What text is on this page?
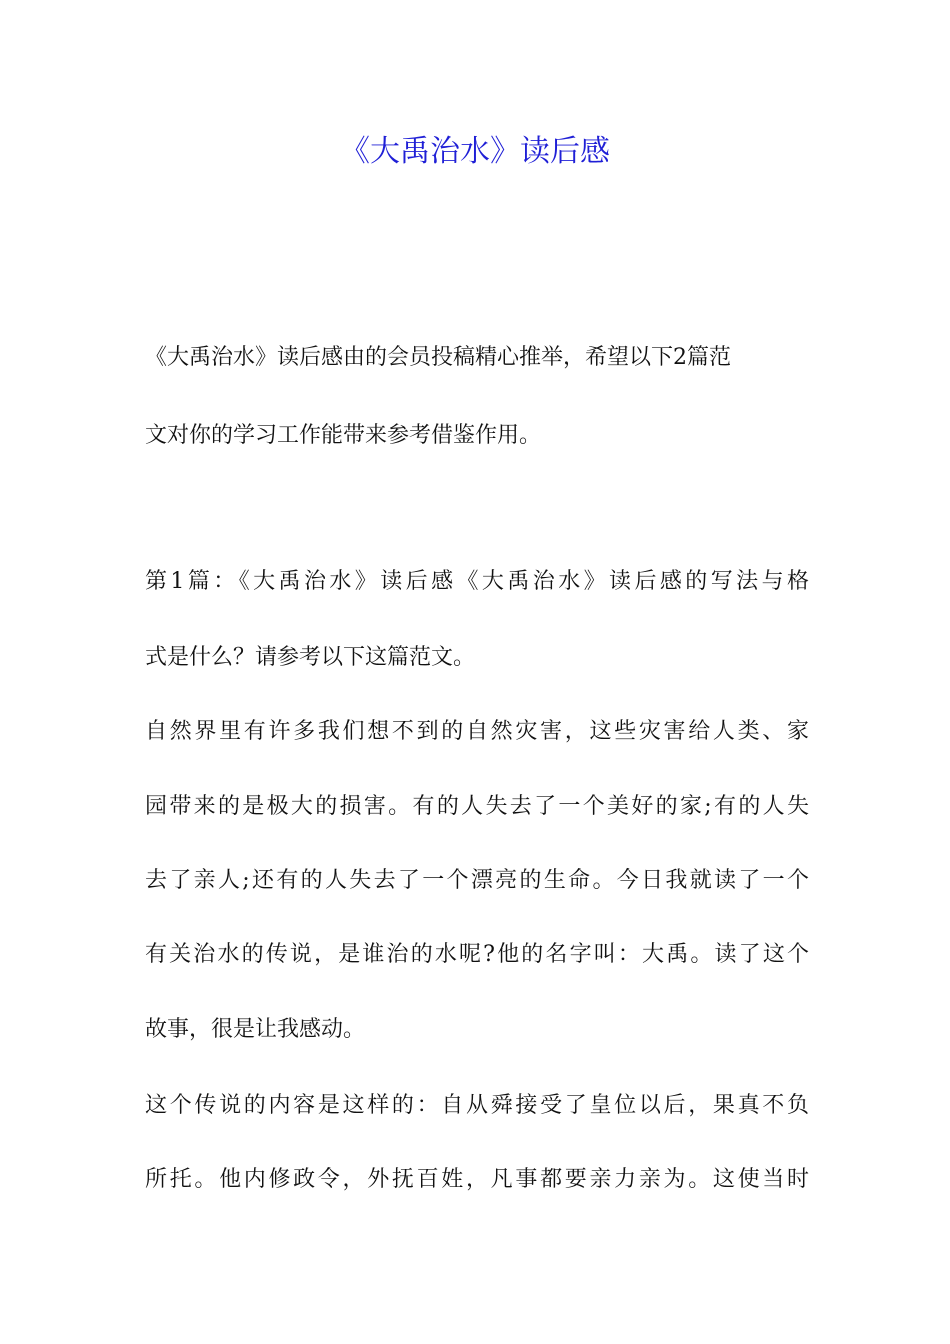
《大禹治水》读后感

《大禹治水》读后感由的会员投稿精心推举，希望以下2篇范

文对你的学习工作能带来参考借鉴作用。

第1篇：《大禹治水》读后感《大禹治水》读后感的写法与格

式是什么？请参考以下这篇范文。

自然界里有许多我们想不到的自然灾害，这些灾害给人类、家

园带来的是极大的损害。有的人失去了一个美好的家;有的人失

去了亲人;还有的人失去了一个漂亮的生命。今日我就读了一个

有关治水的传说，是谁治的水呢?他的名字叫：大禹。读了这个

故事，很是让我感动。

这个传说的内容是这样的：自从舜接受了皇位以后，果真不负

所托。他内修政令，外抚百姓，凡事都要亲力亲为。这使当时
